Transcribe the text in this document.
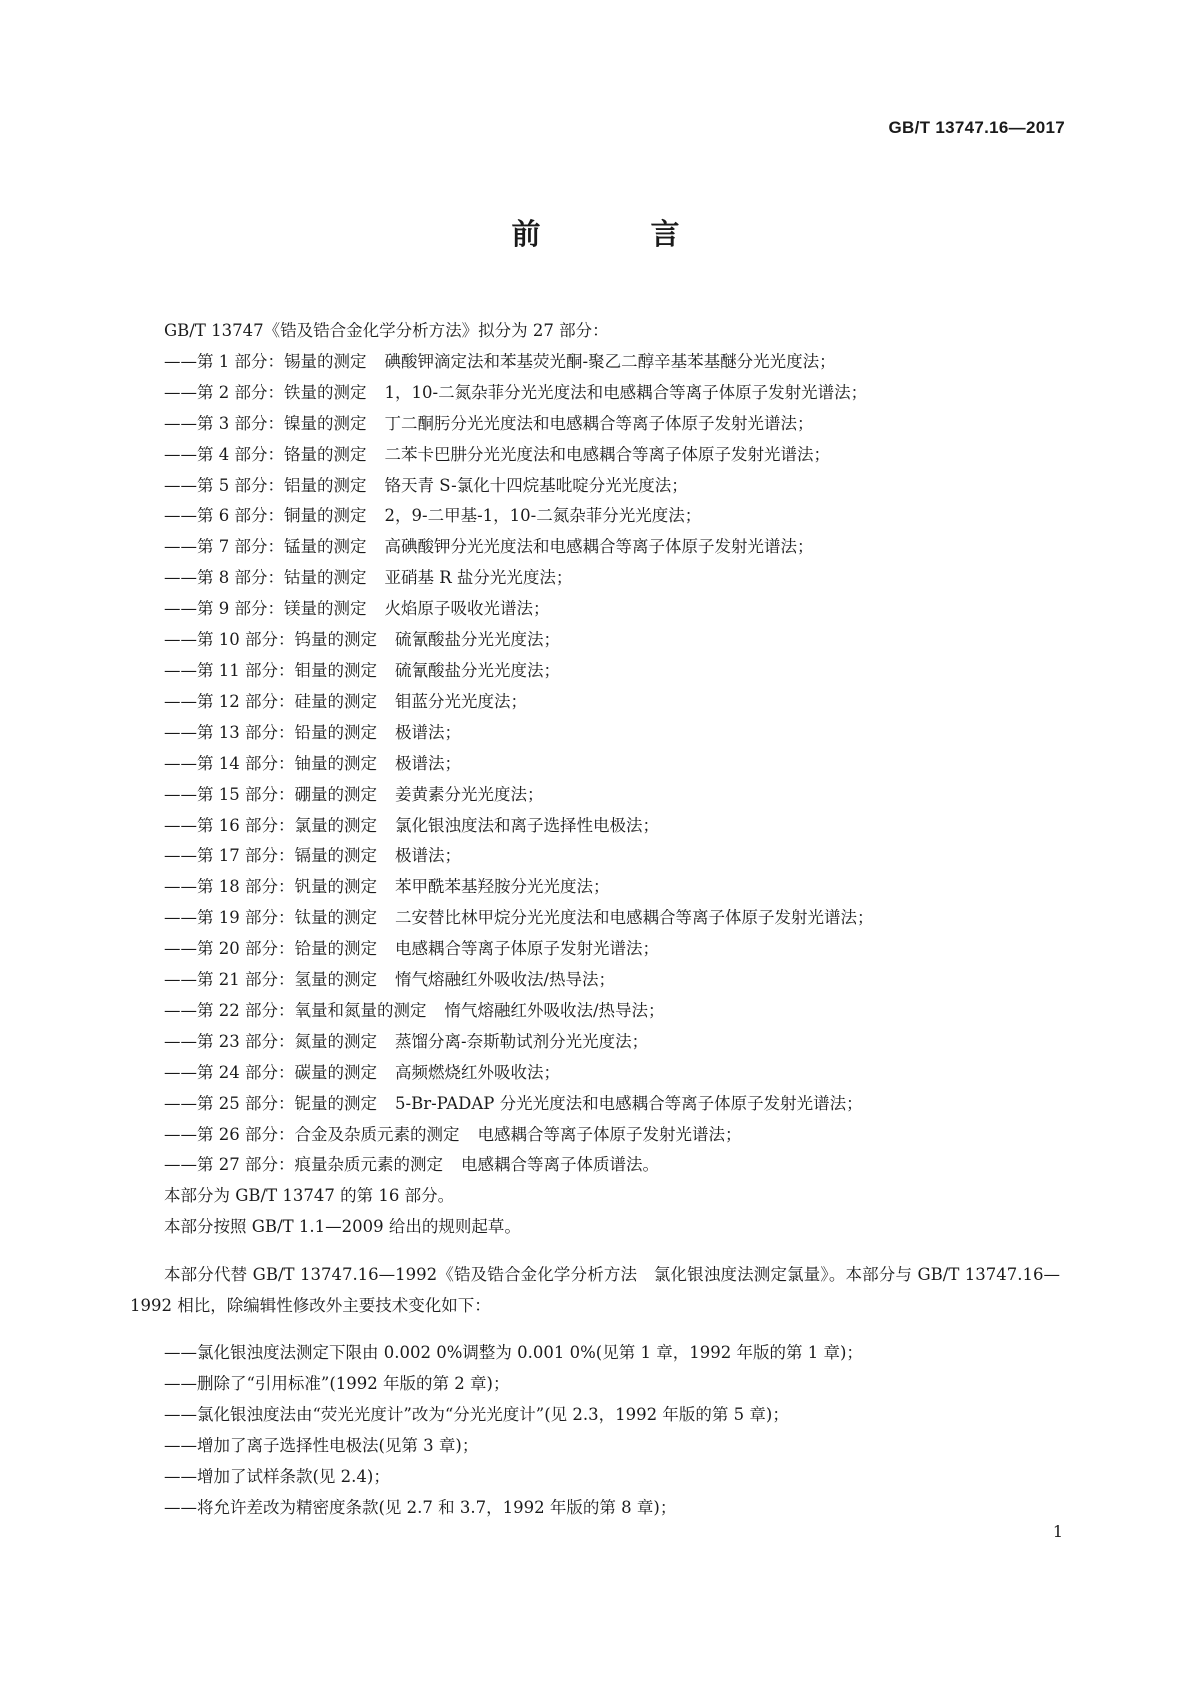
GB/T 13747.16—2017
前 言

GB/T 13747《锆及锆合金化学分析方法》拟分为 27 部分：

——第 1 部分：锡量的测定 碘酸钾滴定法和苯基荧光酮-聚乙二醇辛基苯基醚分光光度法；

——第 2 部分：铁量的测定 1，10-二氮杂菲分光光度法和电感耦合等离子体原子发射光谱法；

——第 3 部分：镍量的测定 丁二酮肟分光光度法和电感耦合等离子体原子发射光谱法；

——第 4 部分：铬量的测定 二苯卡巴肼分光光度法和电感耦合等离子体原子发射光谱法；

——第 5 部分：铝量的测定 铬天青 S-氯化十四烷基吡啶分光光度法；

——第 6 部分：铜量的测定 2，9-二甲基-1，10-二氮杂菲分光光度法；

——第 7 部分：锰量的测定 高碘酸钾分光光度法和电感耦合等离子体原子发射光谱法；

——第 8 部分：钴量的测定 亚硝基 R 盐分光光度法；

——第 9 部分：镁量的测定 火焰原子吸收光谱法；

——第 10 部分：钨量的测定 硫氰酸盐分光光度法；

——第 11 部分：钼量的测定 硫氰酸盐分光光度法；

——第 12 部分：硅量的测定 钼蓝分光光度法；

——第 13 部分：铅量的测定 极谱法；

——第 14 部分：铀量的测定 极谱法；

——第 15 部分：硼量的测定 姜黄素分光光度法；

——第 16 部分：氯量的测定 氯化银浊度法和离子选择性电极法；

——第 17 部分：镉量的测定 极谱法；

——第 18 部分：钒量的测定 苯甲酰苯基羟胺分光光度法；

——第 19 部分：钛量的测定 二安替比林甲烷分光光度法和电感耦合等离子体原子发射光谱法；

——第 20 部分：铪量的测定 电感耦合等离子体原子发射光谱法；

——第 21 部分：氢量的测定 惰气熔融红外吸收法/热导法；

——第 22 部分：氧量和氮量的测定 惰气熔融红外吸收法/热导法；

——第 23 部分：氮量的测定 蒸馏分离-奈斯勒试剂分光光度法；

——第 24 部分：碳量的测定 高频燃烧红外吸收法；

——第 25 部分：铌量的测定 5-Br-PADAP 分光光度法和电感耦合等离子体原子发射光谱法；

——第 26 部分：合金及杂质元素的测定 电感耦合等离子体原子发射光谱法；

——第 27 部分：痕量杂质元素的测定 电感耦合等离子体质谱法。

本部分为 GB/T 13747 的第 16 部分。

本部分按照 GB/T 1.1—2009 给出的规则起草。

本部分代替 GB/T 13747.16—1992《锆及锆合金化学分析方法　氯化银浊度法测定氯量》。本部分与 GB/T 13747.16—1992 相比，除编辑性修改外主要技术变化如下：

——氯化银浊度法测定下限由 0.002 0%调整为 0.001 0%(见第 1 章，1992 年版的第 1 章)；

——删除了“引用标准”(1992 年版的第 2 章)；

——氯化银浊度法由“荧光光度计”改为“分光光度计”(见 2.3，1992 年版的第 5 章)；

——增加了离子选择性电极法(见第 3 章)；

——增加了试样条款(见 2.4)；

——将允许差改为精密度条款(见 2.7 和 3.7，1992 年版的第 8 章)；

1
